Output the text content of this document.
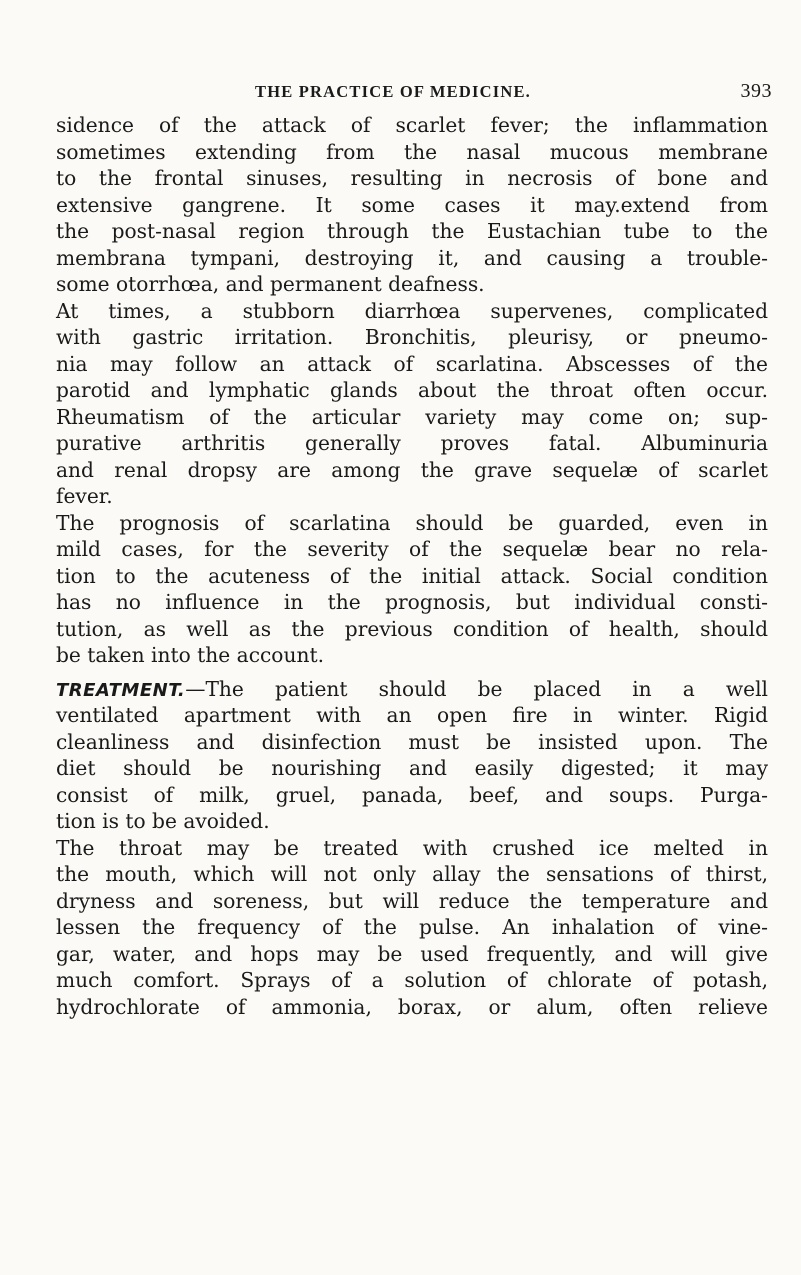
THE PRACTICE OF MEDICINE.	393
sidence of the attack of scarlet fever; the inflammation
sometimes extending from the nasal mucous membrane
to the frontal sinuses, resulting in necrosis of bone and
extensive gangrene. It some cases it may.extend from
the post-nasal region through the Eustachian tube to the
membrana tympani, destroying it, and causing a trouble-
some otorrhœa, and permanent deafness.
At times, a stubborn diarrhœa supervenes, complicated
with gastric irritation. Bronchitis, pleurisy, or pneumo-
nia may follow an attack of scarlatina. Abscesses of the
parotid and lymphatic glands about the throat often occur.
Rheumatism of the articular variety may come on; sup-
purative arthritis generally proves fatal. Albuminuria
and renal dropsy are among the grave sequelæ of scarlet
fever.
The prognosis of scarlatina should be guarded, even in
mild cases, for the severity of the sequelæ bear no rela-
tion to the acuteness of the initial attack. Social condition
has no influence in the prognosis, but individual consti-
tution, as well as the previous condition of health, should
be taken into the account.
TREATMENT.—The patient should be placed in a well
ventilated apartment with an open fire in winter. Rigid
cleanliness and disinfection must be insisted upon. The
diet should be nourishing and easily digested; it may
consist of milk, gruel, panada, beef, and soups. Purga-
tion is to be avoided.
The throat may be treated with crushed ice melted in
the mouth, which will not only allay the sensations of thirst,
dryness and soreness, but will reduce the temperature and
lessen the frequency of the pulse. An inhalation of vine-
gar, water, and hops may be used frequently, and will give
much comfort. Sprays of a solution of chlorate of potash,
hydrochlorate of ammonia, borax, or alum, often relieve
